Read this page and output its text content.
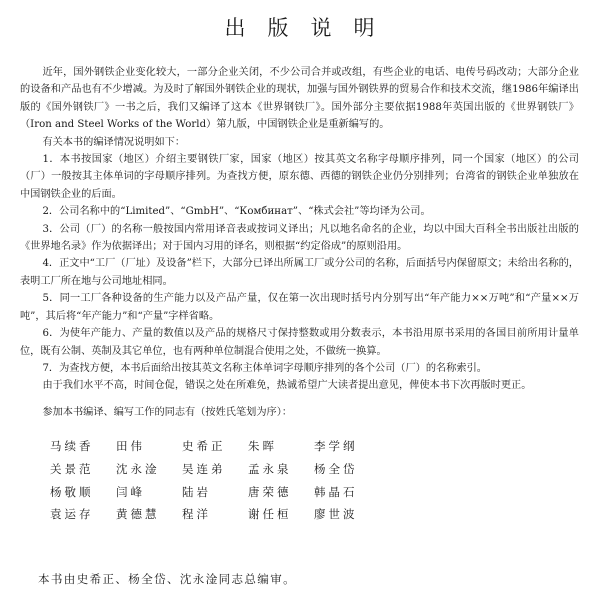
出版说明

近年，国外钢铁企业变化较大，一部分企业关闭，不少公司合并或改组，有些企业的电话、电传号码改动；大部分企业的设备和产品也有不少增减。为及时了解国外钢铁企业的现状，加强与国外钢铁界的贸易合作和技术交流，继1986年编译出版的《国外钢铁厂》一书之后，我们又编译了这本《世界钢铁厂》。国外部分主要依据1988年英国出版的《世界钢铁厂》（Iron and Steel Works of the World）第九版，中国钢铁企业是重新编写的。

有关本书的编译情况说明如下：

1．本书按国家（地区）介绍主要钢铁厂家，国家（地区）按其英文名称字母顺序排列，同一个国家（地区）的公司（厂）一般按其主体单词的字母顺序排列。为查找方便，原东德、西德的钢铁企业仍分别排列；台湾省的钢铁企业单独放在中国钢铁企业的后面。

2．公司名称中的“Limited”、“GmbH”、“Комбинат”、“株式会社”等均译为公司。

3．公司（厂）的名称一般按国内常用译音表或按词义译出；凡以地名命名的企业，均以中国大百科全书出版社出版的《世界地名录》作为依据译出；对于国内习用的译名，则根据“约定俗成”的原则沿用。

4．正文中“工厂（厂址）及设备”栏下，大部分已译出所属工厂或分公司的名称，后面括号内保留原文；未给出名称的，表明工厂所在地与公司地址相同。

5．同一工厂各种设备的生产能力以及产品产量，仅在第一次出现时括号内分别写出“年产能力××万吨”和“产量××万吨”，其后将“年产能力”和“产量”字样省略。

6．为使年产能力、产量的数值以及产品的规格尺寸保持整数或用分数表示，本书沿用原书采用的各国目前所用计量单位，既有公制、英制及其它单位，也有两种单位制混合使用之处，不做统一换算。

7．为查找方便，本书后面给出按其英文名称主体单词字母顺序排列的各个公司（厂）的名称索引。

由于我们水平不高，时间仓促，错误之处在所难免，热诚希望广大读者提出意见，俾使本书下次再版时更正。

参加本书编译、编写工作的同志有（按姓氏笔划为序）：

马续香	田伟	史希正	朱晖	李学纲
关景范	沈永淦	吴连弟	孟永泉	杨全岱
杨敬顺	闫峰	陆岩	唐荣德	韩晶石
袁运存	黄德慧	程洋	谢任桓	廖世波
本书由史希正、杨全岱、沈永淦同志总编审。
